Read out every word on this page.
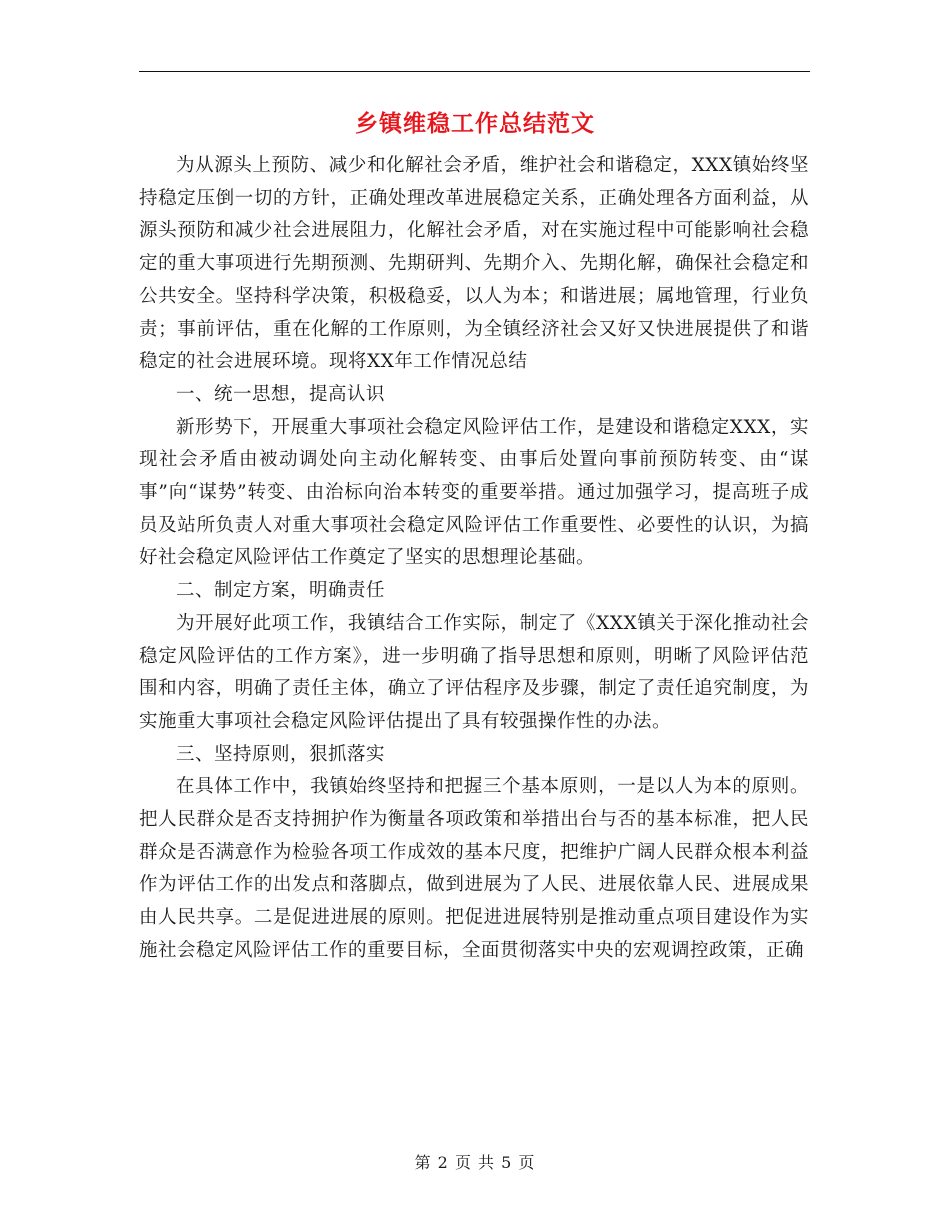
乡镇维稳工作总结范文

为从源头上预防、减少和化解社会矛盾，维护社会和谐稳定，XXX镇始终坚持稳定压倒一切的方针，正确处理改革进展稳定关系，正确处理各方面利益，从源头预防和减少社会进展阻力，化解社会矛盾，对在实施过程中可能影响社会稳定的重大事项进行先期预测、先期研判、先期介入、先期化解，确保社会稳定和公共安全。坚持科学决策，积极稳妥，以人为本；和谐进展；属地管理，行业负责；事前评估，重在化解的工作原则，为全镇经济社会又好又快进展提供了和谐稳定的社会进展环境。现将XX年工作情况总结

一、统一思想，提高认识

新形势下，开展重大事项社会稳定风险评估工作，是建设和谐稳定XXX，实现社会矛盾由被动调处向主动化解转变、由事后处置向事前预防转变、由“谋事”向“谋势”转变、由治标向治本转变的重要举措。通过加强学习，提高班子成员及站所负责人对重大事项社会稳定风险评估工作重要性、必要性的认识，为搞好社会稳定风险评估工作奠定了坚实的思想理论基础。

二、制定方案，明确责任

为开展好此项工作，我镇结合工作实际，制定了《XXX镇关于深化推动社会稳定风险评估的工作方案》，进一步明确了指导思想和原则，明晰了风险评估范围和内容，明确了责任主体，确立了评估程序及步骤，制定了责任追究制度，为实施重大事项社会稳定风险评估提出了具有较强操作性的办法。

三、坚持原则，狠抓落实

在具体工作中，我镇始终坚持和把握三个基本原则，一是以人为本的原则。把人民群众是否支持拥护作为衡量各项政策和举措出台与否的基本标准，把人民群众是否满意作为检验各项工作成效的基本尺度，把维护广阔人民群众根本利益作为评估工作的出发点和落脚点，做到进展为了人民、进展依靠人民、进展成果由人民共享。二是促进进展的原则。把促进进展特别是推动重点项目建设作为实施社会稳定风险评估工作的重要目标，全面贯彻落实中央的宏观调控政策，正确

第 2 页 共 5 页
